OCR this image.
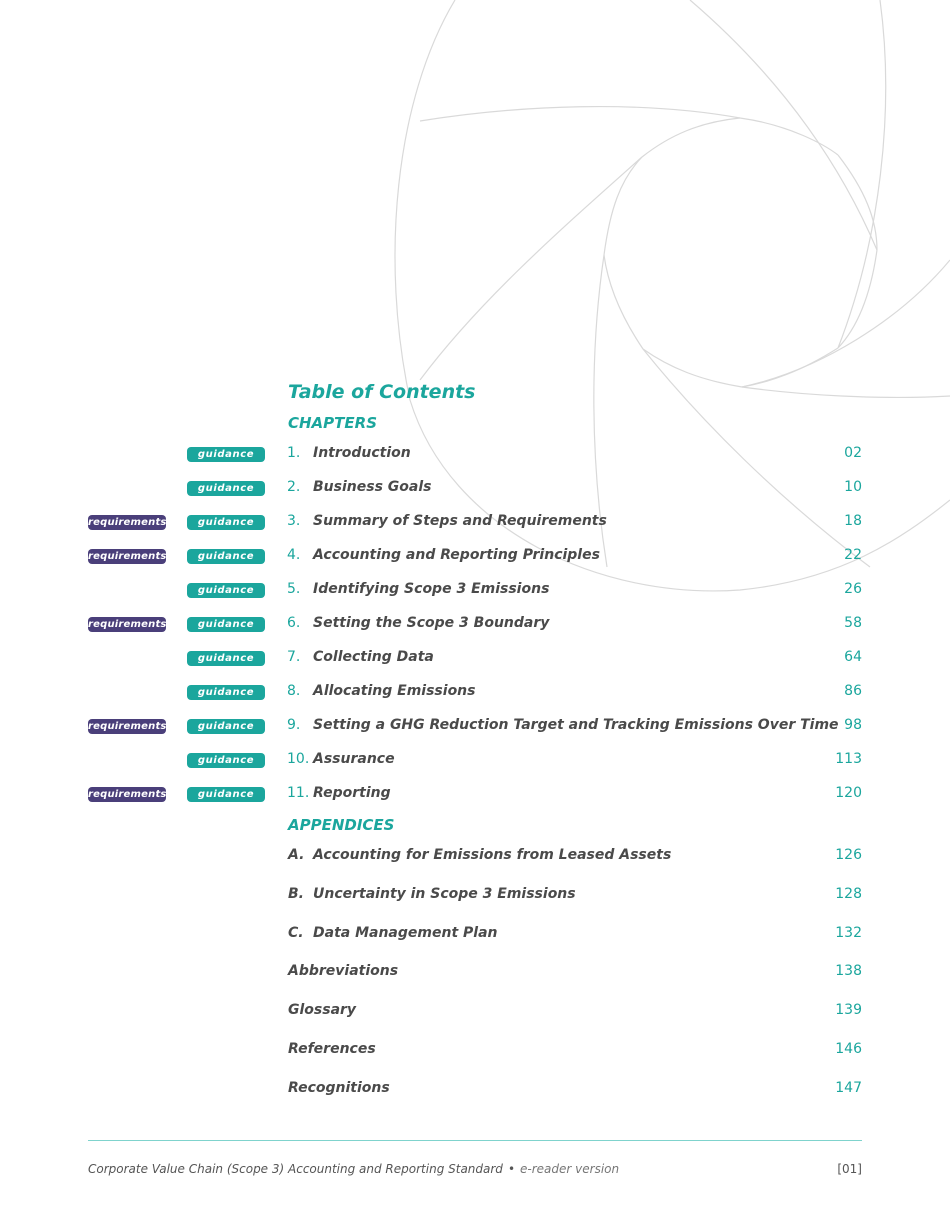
Table of Contents
CHAPTERS
guidance	1. Introduction	02
guidance	2. Business Goals	10
requirements	guidance	3. Summary of Steps and Requirements	18
requirements	guidance	4. Accounting and Reporting Principles	22
guidance	5. Identifying Scope 3 Emissions	26
requirements	guidance	6. Setting the Scope 3 Boundary	58
guidance	7. Collecting Data	64
guidance	8. Allocating Emissions	86
requirements	guidance	9. Setting a GHG Reduction Target and Tracking Emissions Over Time 98
guidance	10. Assurance	113
requirements	guidance	11. Reporting	120
APPENDICES
A. Accounting for Emissions from Leased Assets	126
B. Uncertainty in Scope 3 Emissions	128
C. Data Management Plan	132
Abbreviations	138
Glossary	139
References	146
Recognitions	147
Corporate Value Chain (Scope 3) Accounting and Reporting Standard • e-reader version	[01]
